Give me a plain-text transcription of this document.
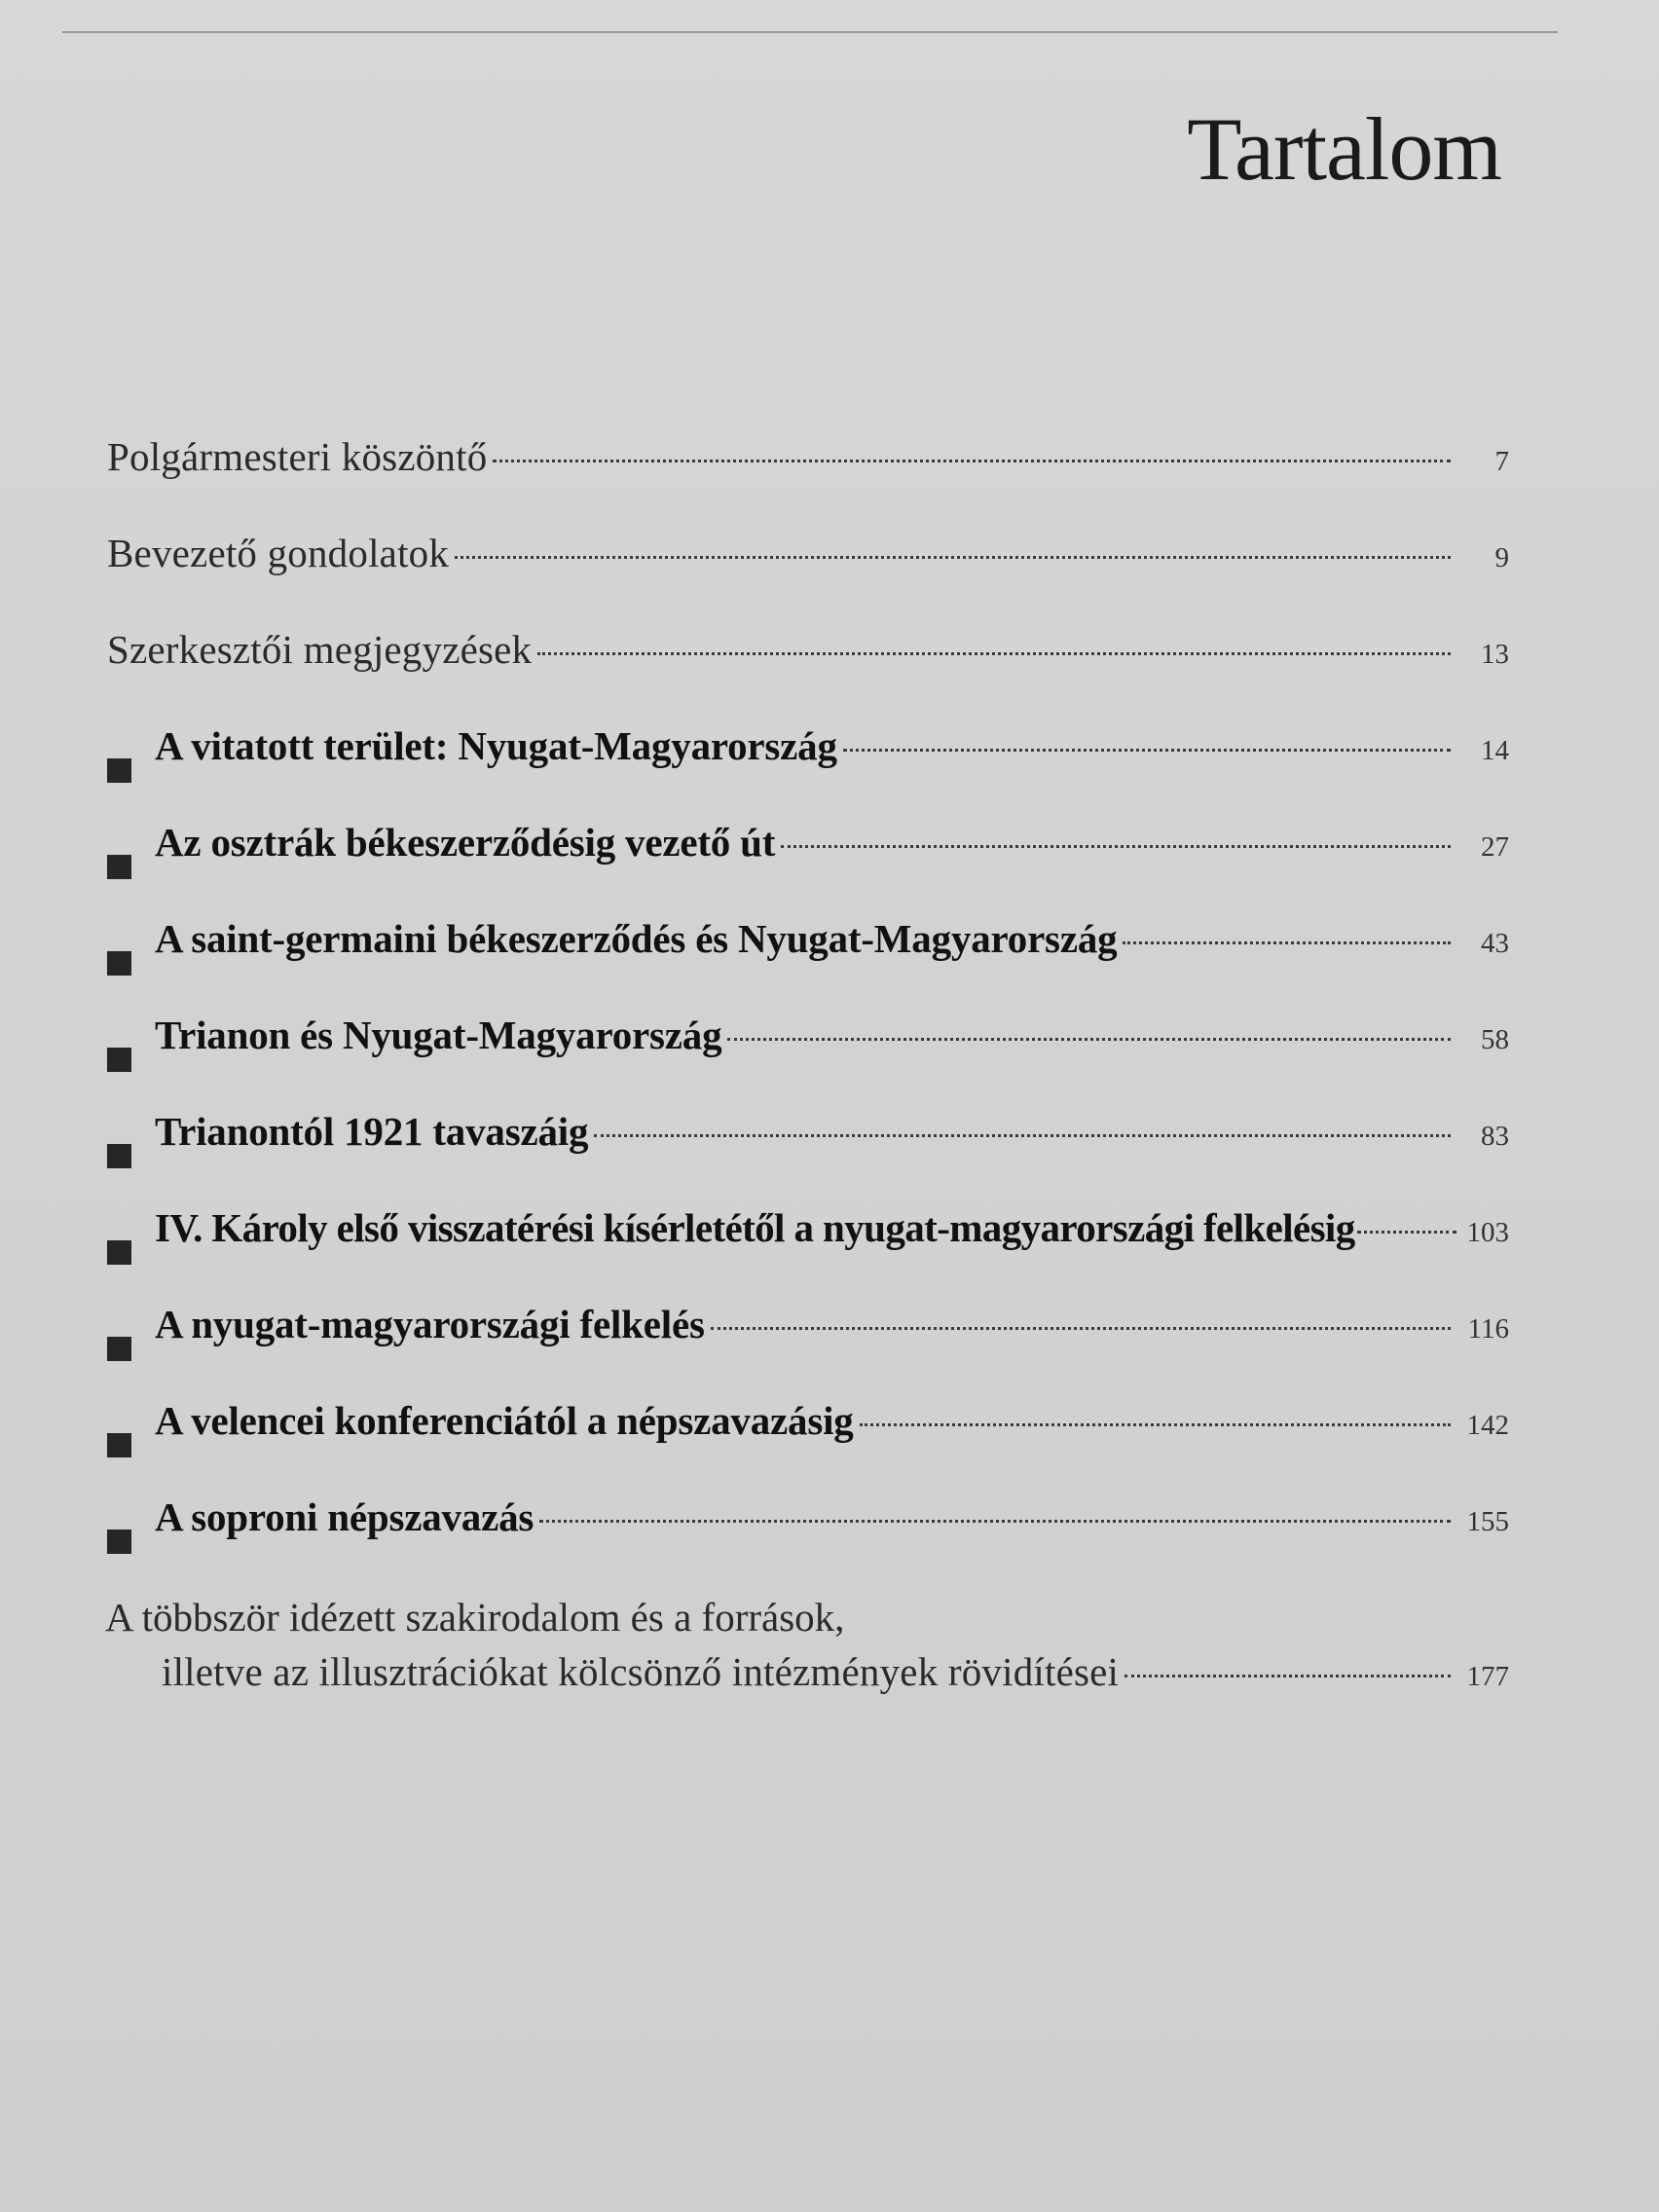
Tartalom
Polgármesteri köszöntő	7
Bevezető gondolatok	9
Szerkesztői megjegyzések	13
A vitatott terület: Nyugat-Magyarország	14
Az osztrák békeszerződésig vezető út	27
A saint-germaini békeszerződés és Nyugat-Magyarország	43
Trianon és Nyugat-Magyarország	58
Trianontól 1921 tavaszáig	83
IV. Károly első visszatérési kísérletétől a nyugat-magyarországi felkelésig	103
A nyugat-magyarországi felkelés	116
A velencei konferenciától a népszavazásig	142
A soproni népszavazás	155
A többször idézett szakirodalom és a források,
illetve az illusztrációkat kölcsönző intézmények rövidítései	177
